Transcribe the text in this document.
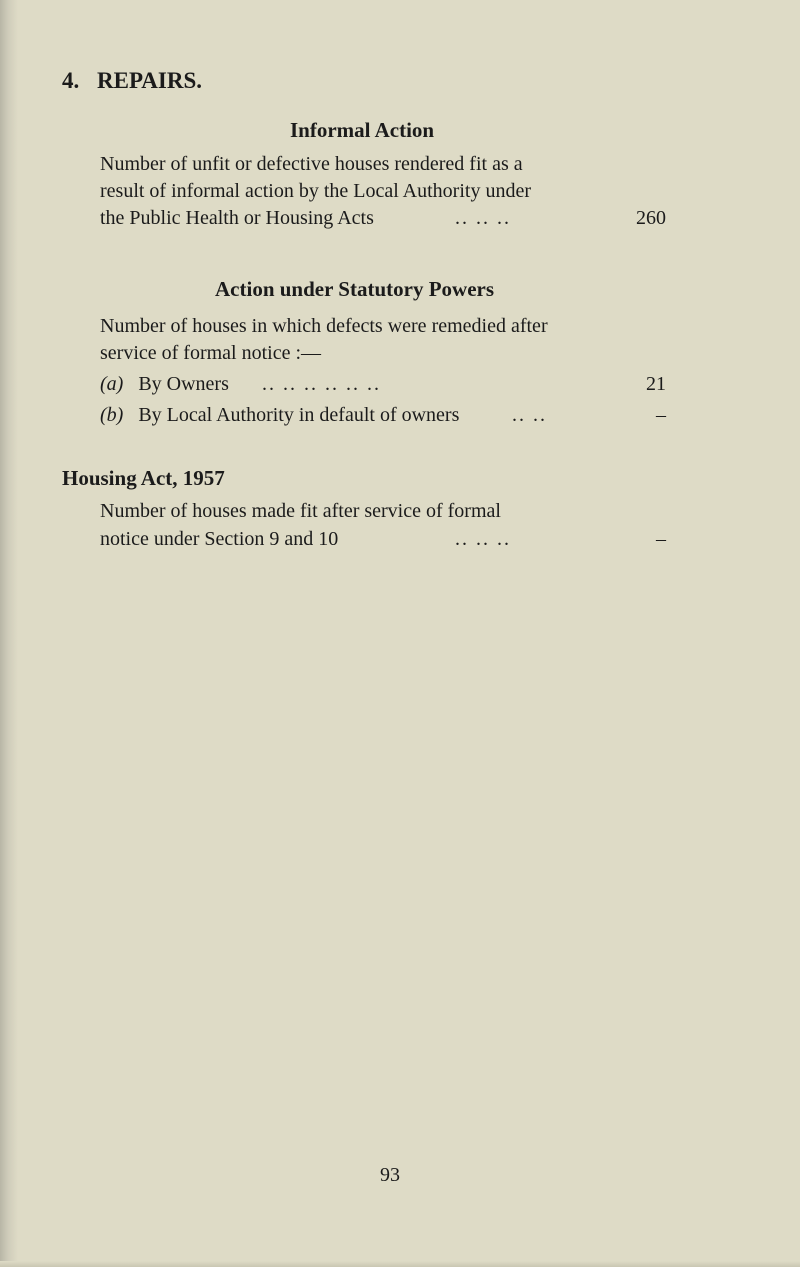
4. REPAIRS.
Informal Action
Number of unfit or defective houses rendered fit as a
result of informal action by the Local Authority under
the Public Health or Housing Acts	.. .. ..	260
Action under Statutory Powers
Number of houses in which defects were remedied after
service of formal notice :—
(a) By Owners .. .. .. .. .. ..	21
(b) By Local Authority in default of owners	.. ..	–
Housing Act, 1957
Number of houses made fit after service of formal
notice under Section 9 and 10	.. .. ..	–
93
